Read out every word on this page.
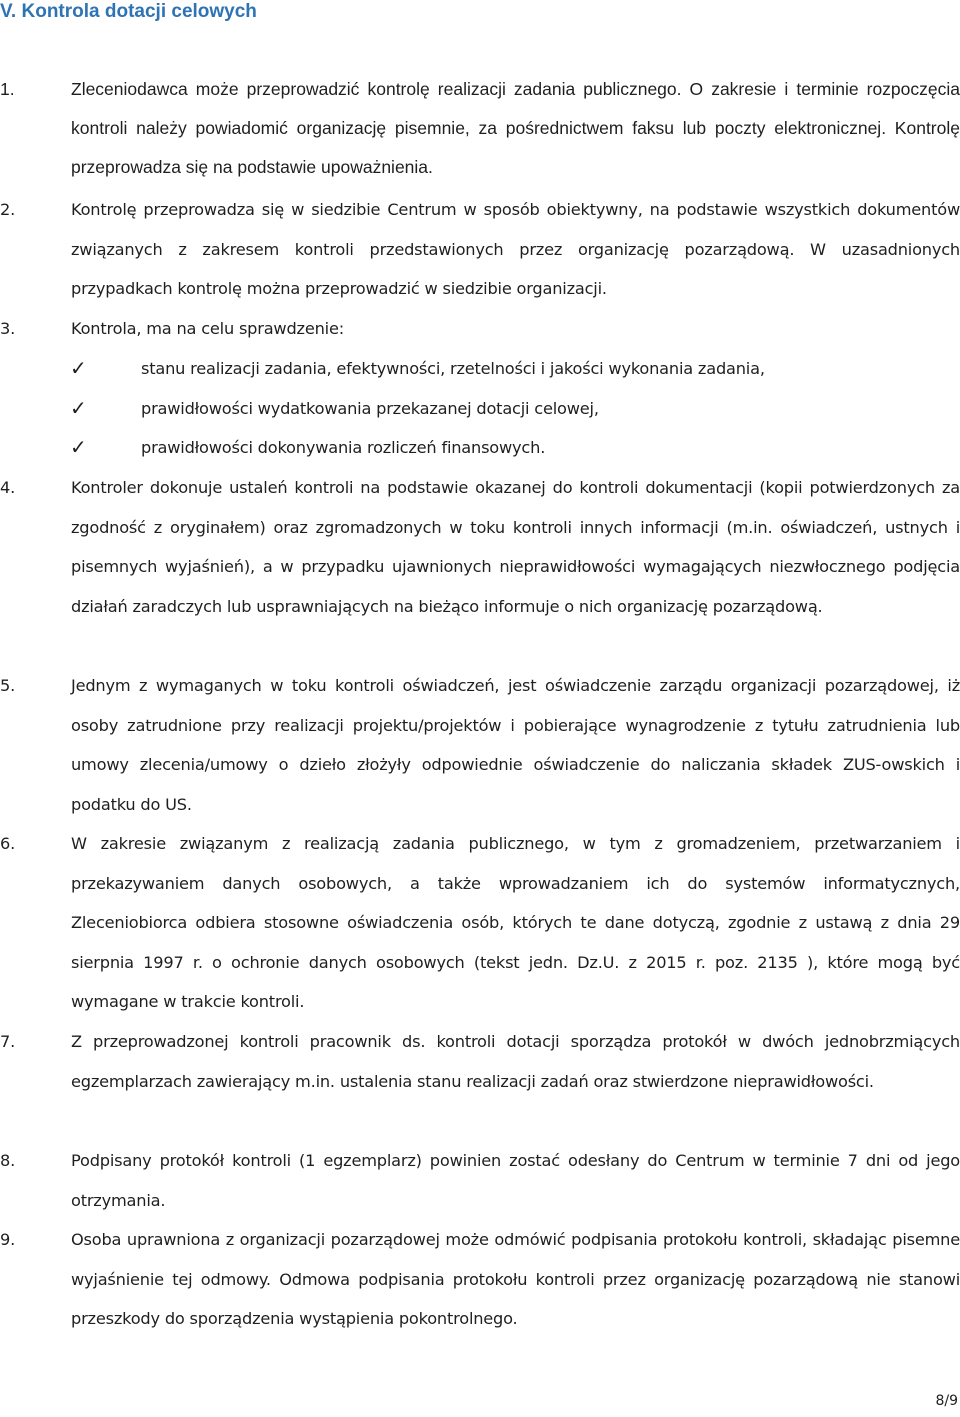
V. Kontrola dotacji celowych
1.	Zleceniodawca może przeprowadzić kontrolę realizacji zadania publicznego. O zakresie i terminie rozpoczęcia kontroli należy powiadomić organizację pisemnie, za pośrednictwem faksu lub poczty elektronicznej. Kontrolę przeprowadza się na podstawie upoważnienia.
2.	Kontrolę przeprowadza się w siedzibie Centrum w sposób obiektywny, na podstawie wszystkich dokumentów związanych z zakresem kontroli przedstawionych przez organizację pozarządową. W uzasadnionych przypadkach kontrolę można przeprowadzić w siedzibie organizacji.
3.	Kontrola, ma na celu sprawdzenie:
✓	stanu realizacji zadania, efektywności, rzetelności i jakości wykonania zadania,
✓	prawidłowości wydatkowania przekazanej dotacji celowej,
✓	prawidłowości dokonywania rozliczeń finansowych.
4.	Kontroler dokonuje ustaleń kontroli na podstawie okazanej do kontroli dokumentacji (kopii potwierdzonych za zgodność z oryginałem) oraz zgromadzonych w toku kontroli innych informacji (m.in. oświadczeń, ustnych i pisemnych wyjaśnień), a w przypadku ujawnionych nieprawidłowości wymagających niezwłocznego podjęcia działań zaradczych lub usprawniających na bieżąco informuje o nich organizację pozarządową.
5.	Jednym z wymaganych w toku kontroli oświadczeń, jest oświadczenie zarządu organizacji pozarządowej, iż osoby zatrudnione przy realizacji projektu/projektów i pobierające wynagrodzenie z tytułu zatrudnienia lub umowy zlecenia/umowy o dzieło złożyły odpowiednie oświadczenie do naliczania składek ZUS-owskich i podatku do US.
6.	W zakresie związanym z realizacją zadania publicznego, w tym z gromadzeniem, przetwarzaniem i przekazywaniem danych osobowych, a także wprowadzaniem ich do systemów informatycznych, Zleceniobiorca odbiera stosowne oświadczenia osób, których te dane dotyczą, zgodnie z ustawą z dnia 29 sierpnia 1997 r. o ochronie danych osobowych (tekst jedn. Dz.U. z 2015 r. poz. 2135 ), które mogą być wymagane w trakcie kontroli.
7.	Z przeprowadzonej kontroli pracownik ds. kontroli dotacji sporządza protokół w dwóch jednobrzmiących egzemplarzach zawierający m.in. ustalenia stanu realizacji zadań oraz stwierdzone nieprawidłowości.
8.	Podpisany protokół kontroli (1 egzemplarz) powinien zostać odesłany do Centrum w terminie 7 dni od jego otrzymania.
9.	Osoba uprawniona z organizacji pozarządowej może odmówić podpisania protokołu kontroli, składając pisemne wyjaśnienie tej odmowy. Odmowa podpisania protokołu kontroli przez organizację pozarządową nie stanowi przeszkody do sporządzenia wystąpienia pokontrolnego.
8/9
